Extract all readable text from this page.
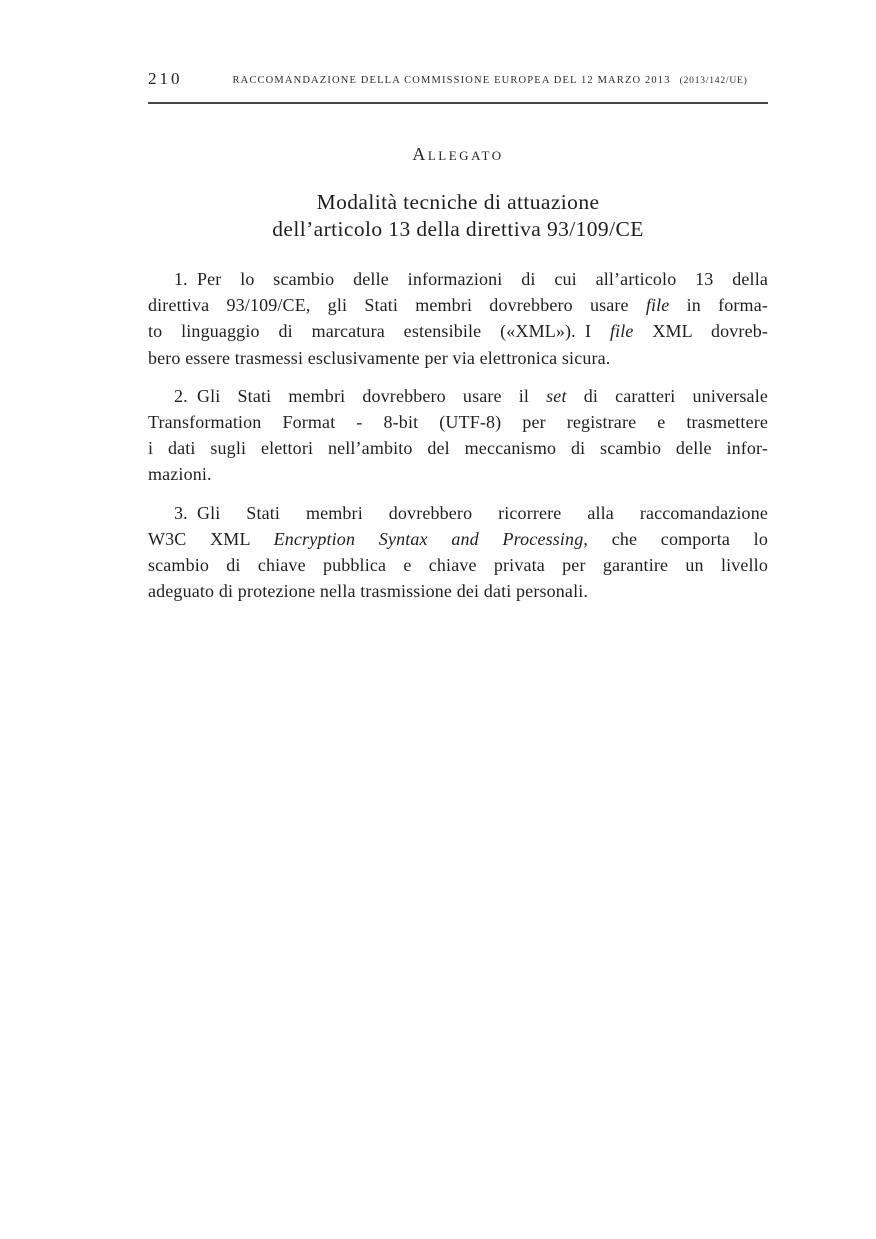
210	RACCOMANDAZIONE DELLA COMMISSIONE EUROPEA DEL 12 MARZO 2013 (2013/142/UE)
Allegato
Modalità tecniche di attuazione
dell’articolo 13 della direttiva 93/109/CE

1. Per lo scambio delle informazioni di cui all’articolo 13 della
direttiva 93/109/CE, gli Stati membri dovrebbero usare file in forma-
to linguaggio di marcatura estensibile («XML»). I file XML dovreb-
bero essere trasmessi esclusivamente per via elettronica sicura.

2. Gli Stati membri dovrebbero usare il set di caratteri universale
Transformation Format - 8-bit (UTF-8) per registrare e trasmettere
i dati sugli elettori nell’ambito del meccanismo di scambio delle infor-
mazioni.

3. Gli Stati membri dovrebbero ricorrere alla raccomandazione
W3C XML Encryption Syntax and Processing, che comporta lo
scambio di chiave pubblica e chiave privata per garantire un livello
adeguato di protezione nella trasmissione dei dati personali.
